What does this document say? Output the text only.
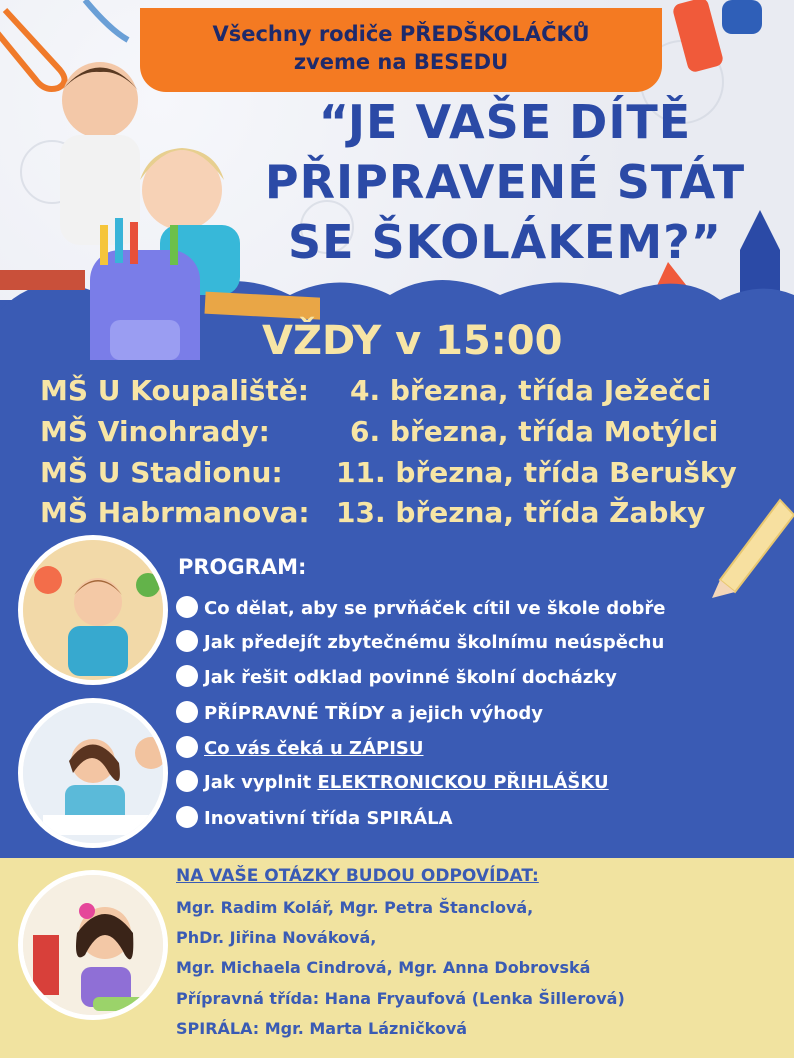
Všechny rodiče PŘEDŠKOLÁČKŮ
zveme na BESEDU
“JE VAŠE DÍTĚ
PŘIPRAVENÉ STÁT
SE ŠKOLÁKEM?”
VŽDY v 15:00
MŠ U Koupaliště: 4. března, třída Ježečci
MŠ Vinohrady:	6. března, třída Motýlci
MŠ U Stadionu: 11. března, třída Berušky
MŠ Habrmanova: 13. března, třída Žabky
PROGRAM:
Co dělat, aby se prvňáček cítil ve škole dobře
Jak předejít zbytečnému školnímu neúspěchu
Jak řešit odklad povinné školní docházky
PŘÍPRAVNÉ TŘÍDY a jejich výhody
Co vás čeká u ZÁPISU
Jak vyplnit ELEKTRONICKOU PŘIHLÁŠKU
Inovativní třída SPIRÁLA
NA VAŠE OTÁZKY BUDOU ODPOVÍDAT:
Mgr. Radim Kolář, Mgr. Petra Štanclová,
PhDr. Jiřina Nováková,
Mgr. Michaela Cindrová, Mgr. Anna Dobrovská
Přípravná třída: Hana Fryaufová (Lenka Šillerová)
SPIRÁLA: Mgr. Marta Lázničková
